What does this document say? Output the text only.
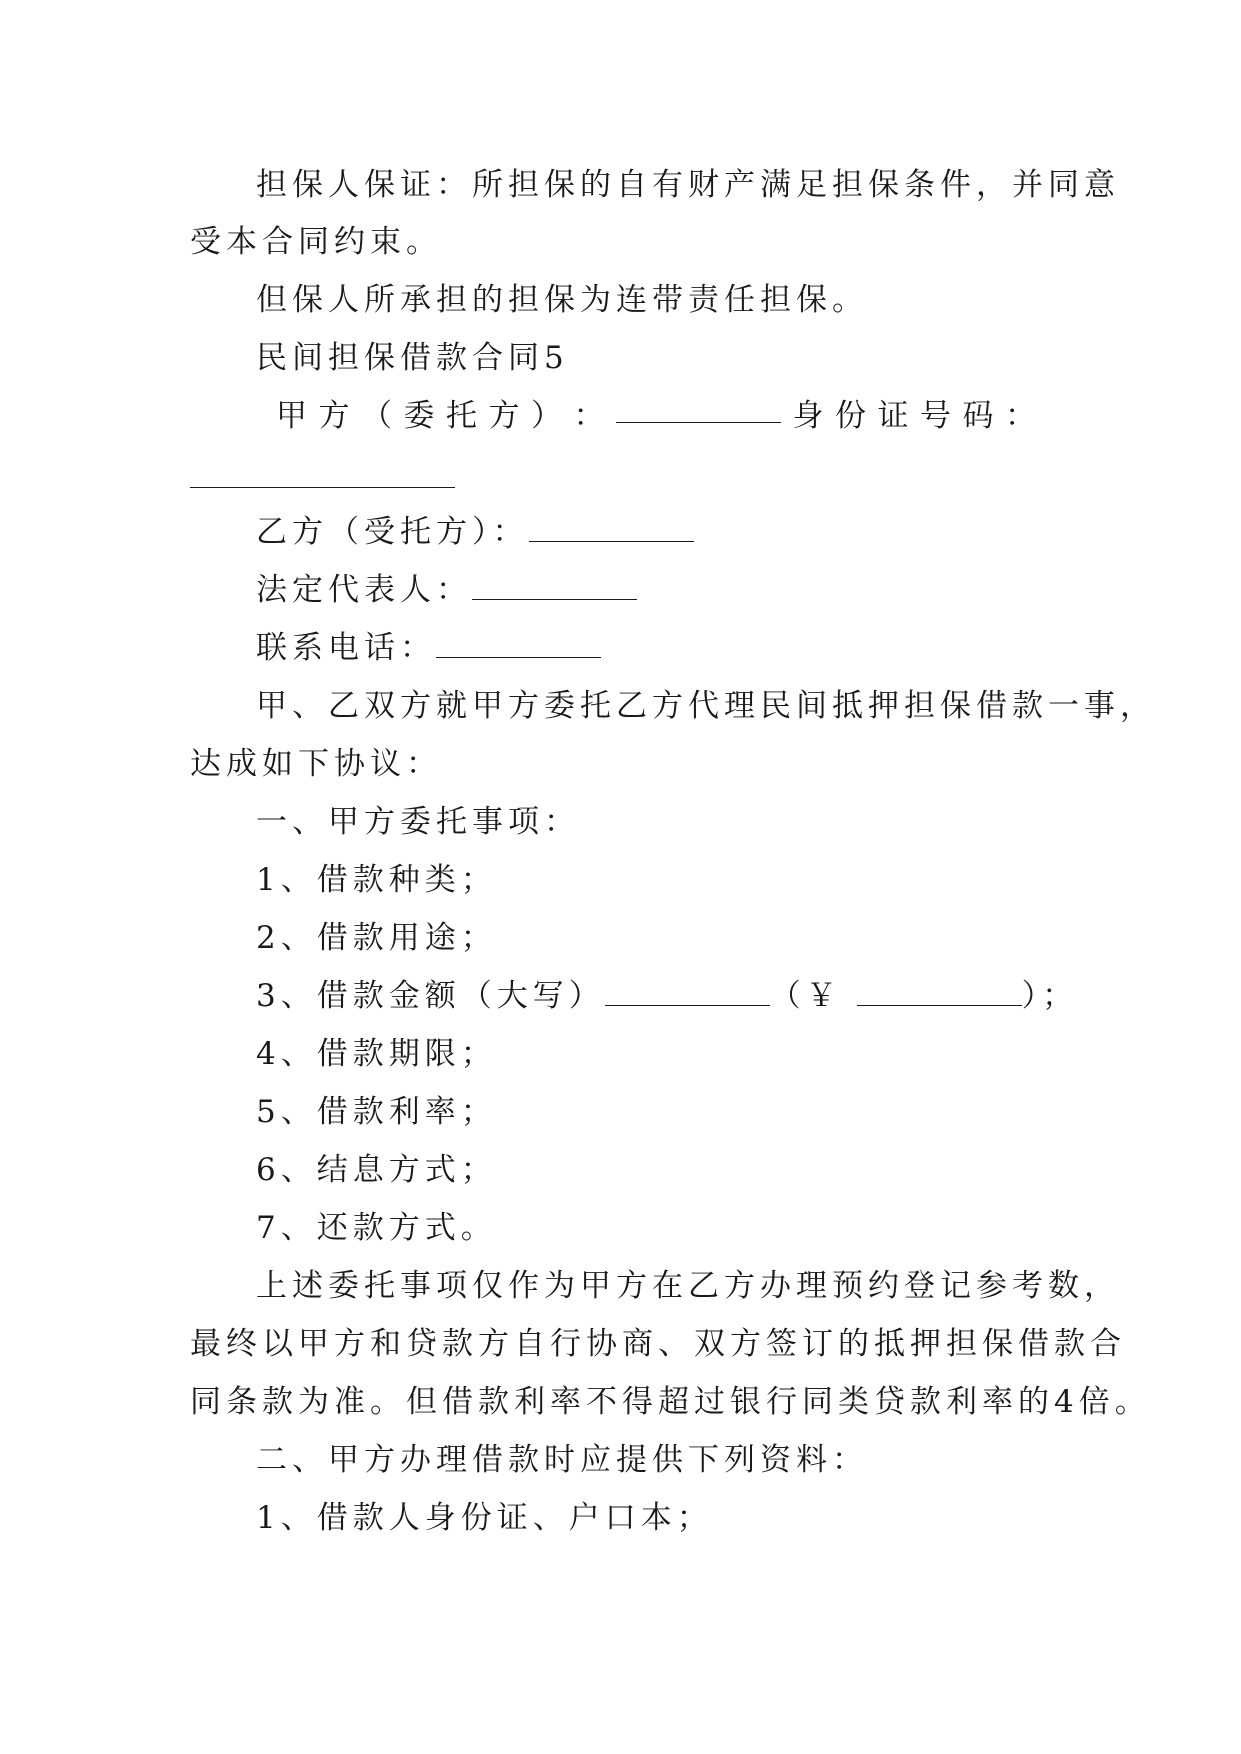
担保人保证：所担保的自有财产满足担保条件，并同意
受本合同约束。
但保人所承担的担保为连带责任担保。
民间担保借款合同5
甲 方 （ 委 托 方 ） ：	身 份 证 号 码 ：
乙方（受托方）：
法定代表人：
联系电话：
甲、乙双方就甲方委托乙方代理民间抵押担保借款一事，
达成如下协议：
一、甲方委托事项：
1、借款种类；
2、借款用途；
3、借款金额（大写）	（￥	）；
4、借款期限；
5、借款利率；
6、结息方式；
7、还款方式。
上述委托事项仅作为甲方在乙方办理预约登记参考数，
最终以甲方和贷款方自行协商、双方签订的抵押担保借款合
同条款为准。但借款利率不得超过银行同类贷款利率的4倍。
二、甲方办理借款时应提供下列资料：
1、借款人身份证、户口本；
